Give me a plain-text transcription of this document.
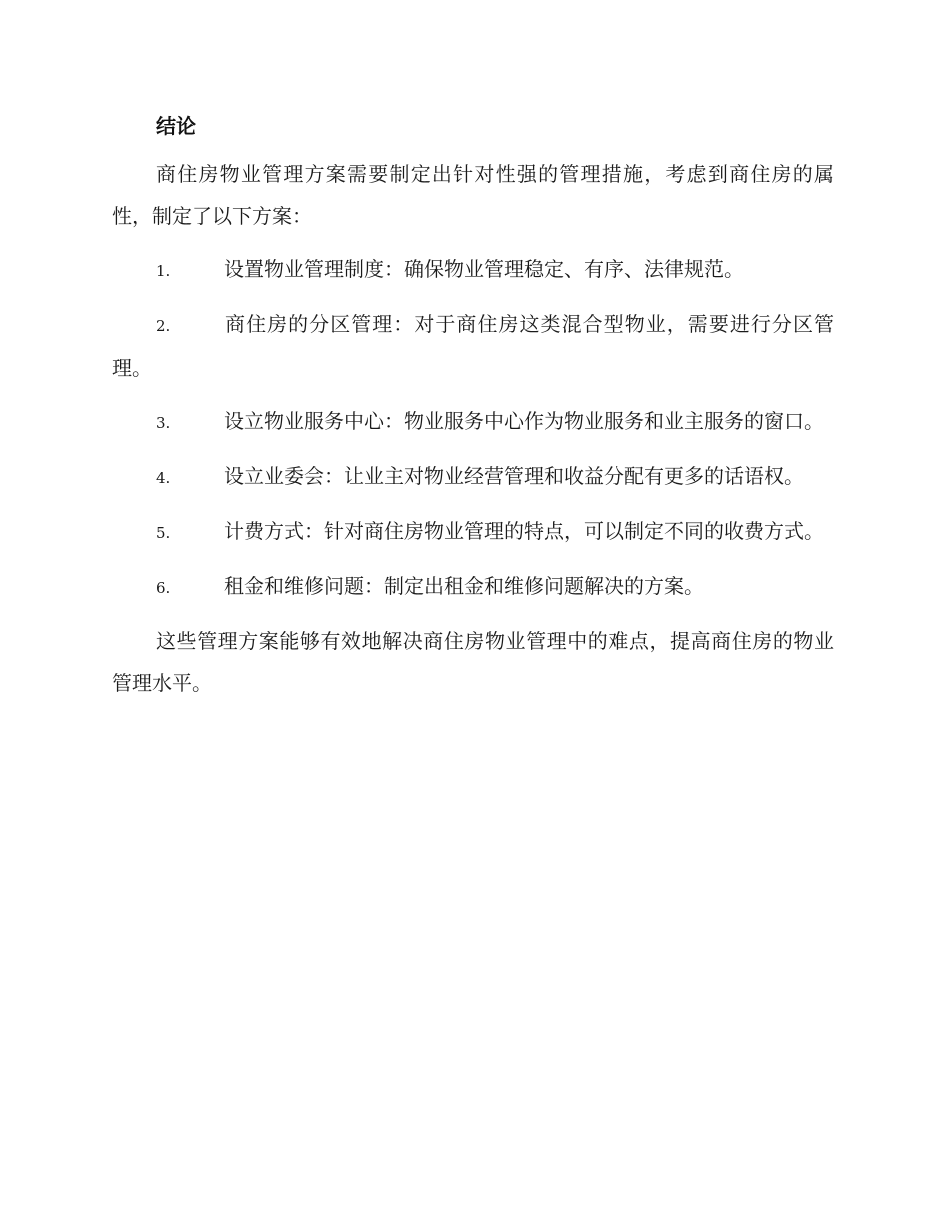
结论

商住房物业管理方案需要制定出针对性强的管理措施，考虑到商住房的属性，制定了以下方案：

1.	设置物业管理制度：确保物业管理稳定、有序、法律规范。

2.	商住房的分区管理：对于商住房这类混合型物业，需要进行分区管理。

3.	设立物业服务中心：物业服务中心作为物业服务和业主服务的窗口。

4.	设立业委会：让业主对物业经营管理和收益分配有更多的话语权。

5.	计费方式：针对商住房物业管理的特点，可以制定不同的收费方式。

6.	租金和维修问题：制定出租金和维修问题解决的方案。

这些管理方案能够有效地解决商住房物业管理中的难点，提高商住房的物业管理水平。
